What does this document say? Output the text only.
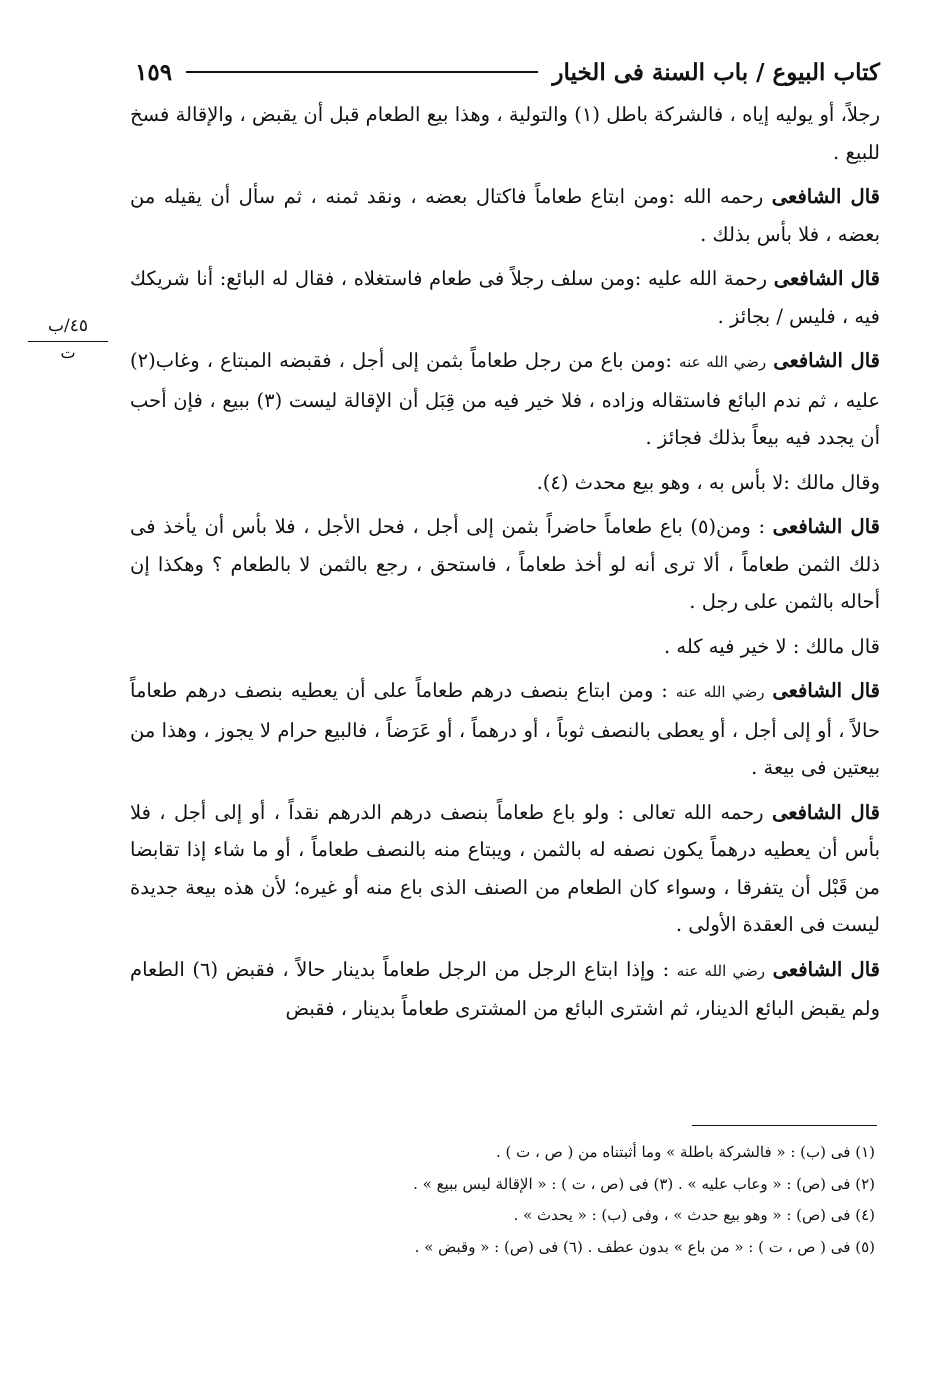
كتاب البيوع / باب السنة فى الخيار
١٥٩
٤٥/ب
ت

رجلاً، أو يوليه إياه ، فالشركة باطل (١) والتولية ، وهذا بيع الطعام قبل أن يقبض ، والإقالة فسخ للبيع .

قال الشافعى رحمه الله :ومن ابتاع طعاماً فاكتال بعضه ، ونقد ثمنه ، ثم سأل أن يقيله من بعضه ، فلا بأس بذلك .

قال الشافعى رحمة الله عليه :ومن سلف رجلاً فى طعام فاستغلاه ، فقال له البائع: أنا شريكك فيه ، فليس / بجائز .

قال الشافعى رضي الله عنه :ومن باع من رجل طعاماً بثمن إلى أجل ، فقبضه المبتاع ، وغاب(٢) عليه ، ثم ندم البائع فاستقاله وزاده ، فلا خير فيه من قِبَل أن الإقالة ليست (٣) ببيع ، فإن أحب أن يجدد فيه بيعاً بذلك فجائز .

وقال مالك :لا بأس به ، وهو بيع محدث (٤).

قال الشافعى : ومن(٥) باع طعاماً حاضراً بثمن إلى أجل ، فحل الأجل ، فلا بأس أن يأخذ فى ذلك الثمن طعاماً ، ألا ترى أنه لو أخذ طعاماً ، فاستحق ، رجع بالثمن لا بالطعام ؟ وهكذا إن أحاله بالثمن على رجل .

قال مالك : لا خير فيه كله .

قال الشافعى رضي الله عنه : ومن ابتاع بنصف درهم طعاماً على أن يعطيه بنصف درهم طعاماً حالاً ، أو إلى أجل ، أو يعطى بالنصف ثوباً ، أو درهماً ، أو عَرَضاً ، فالبيع حرام لا يجوز ، وهذا من بيعتين فى بيعة .

قال الشافعى رحمه الله تعالى : ولو باع طعاماً بنصف درهم الدرهم نقداً ، أو إلى أجل ، فلا بأس أن يعطيه درهماً يكون نصفه له بالثمن ، ويبتاع منه بالنصف طعاماً ، أو ما شاء إذا تقابضا من قَبْل أن يتفرقا ، وسواء كان الطعام من الصنف الذى باع منه أو غيره؛ لأن هذه بيعة جديدة ليست فى العقدة الأولى .

قال الشافعى رضي الله عنه : وإذا ابتاع الرجل من الرجل طعاماً بدينار حالاً ، فقبض (٦) الطعام ولم يقبض البائع الدينار، ثم اشترى البائع من المشترى طعاماً بدينار ، فقبض

(١) فى (ب) : « فالشركة باطلة » وما أثبتناه من ( ص ، ت ) .
(٢) فى (ص) : « وعاب عليه » . (٣) فى (ص ، ت ) : « الإقالة ليس ببيع » .
(٤) فى (ص) : « وهو بيع حدث » ، وفى (ب) : « يحدث » .
(٥) فى ( ص ، ت ) : « من باع » بدون عطف . (٦) فى (ص) : « وقبض » .
